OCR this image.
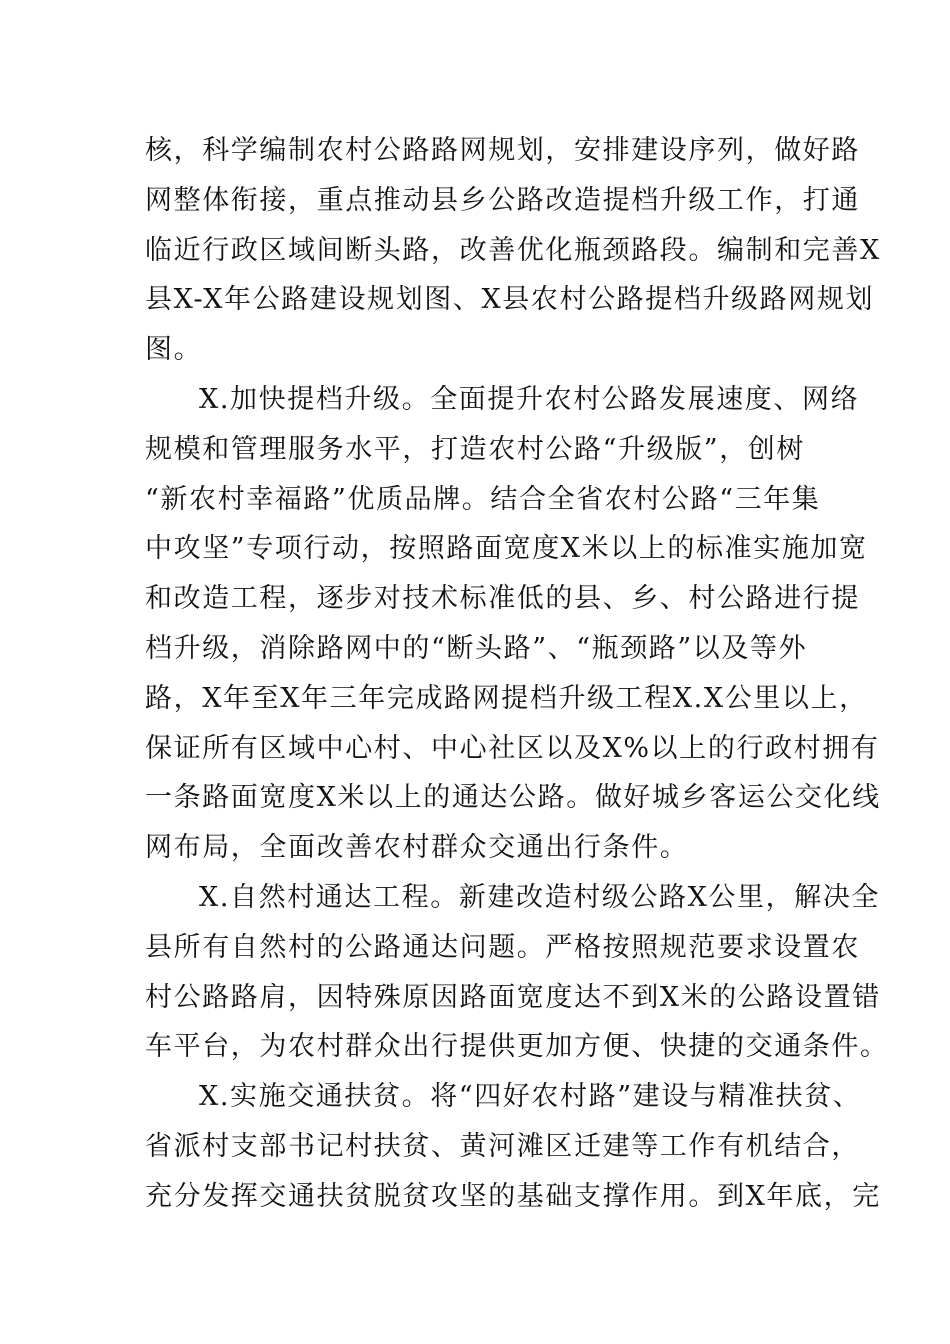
核，科学编制农村公路路网规划，安排建设序列，做好路
网整体衔接，重点推动县乡公路改造提档升级工作，打通
临近行政区域间断头路，改善优化瓶颈路段。编制和完善X
县X-X年公路建设规划图、X县农村公路提档升级路网规划
图。
X.加快提档升级。全面提升农村公路发展速度、网络
规模和管理服务水平，打造农村公路“升级版”，创树
“新农村幸福路”优质品牌。结合全省农村公路“三年集
中攻坚”专项行动，按照路面宽度X米以上的标准实施加宽
和改造工程，逐步对技术标准低的县、乡、村公路进行提
档升级，消除路网中的“断头路”、“瓶颈路”以及等外
路，X年至X年三年完成路网提档升级工程X.X公里以上，
保证所有区域中心村、中心社区以及X%以上的行政村拥有
一条路面宽度X米以上的通达公路。做好城乡客运公交化线
网布局，全面改善农村群众交通出行条件。
X.自然村通达工程。新建改造村级公路X公里，解决全
县所有自然村的公路通达问题。严格按照规范要求设置农
村公路路肩，因特殊原因路面宽度达不到X米的公路设置错
车平台，为农村群众出行提供更加方便、快捷的交通条件。
X.实施交通扶贫。将“四好农村路”建设与精准扶贫、
省派村支部书记村扶贫、黄河滩区迁建等工作有机结合，
充分发挥交通扶贫脱贫攻坚的基础支撑作用。到X年底，完
